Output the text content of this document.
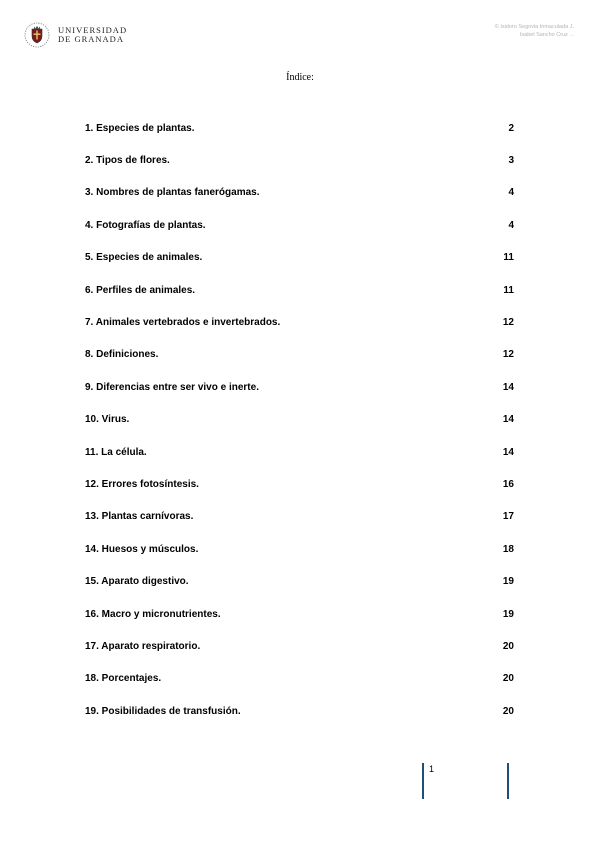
UNIVERSIDAD
DE GRANADA
© Isidoro Segovia Inmaculada J.
Isabel Sancho Cruz ...
Índice:
1. Especies de plantas.	2
2. Tipos de flores.	3
3. Nombres de plantas fanerógamas.	4
4. Fotografías de plantas.	4
5. Especies de animales.	11
6. Perfiles de animales.	11
7. Animales vertebrados e invertebrados.	12
8. Definiciones.	12
9. Diferencias entre ser vivo e inerte.	14
10. Virus.	14
11. La célula.	14
12. Errores fotosíntesis.	16
13. Plantas carnívoras.	17
14. Huesos y músculos.	18
15. Aparato digestivo.	19
16. Macro y micronutrientes.	19
17. Aparato respiratorio.	20
18. Porcentajes.	20
19. Posibilidades de transfusión.	20
1
